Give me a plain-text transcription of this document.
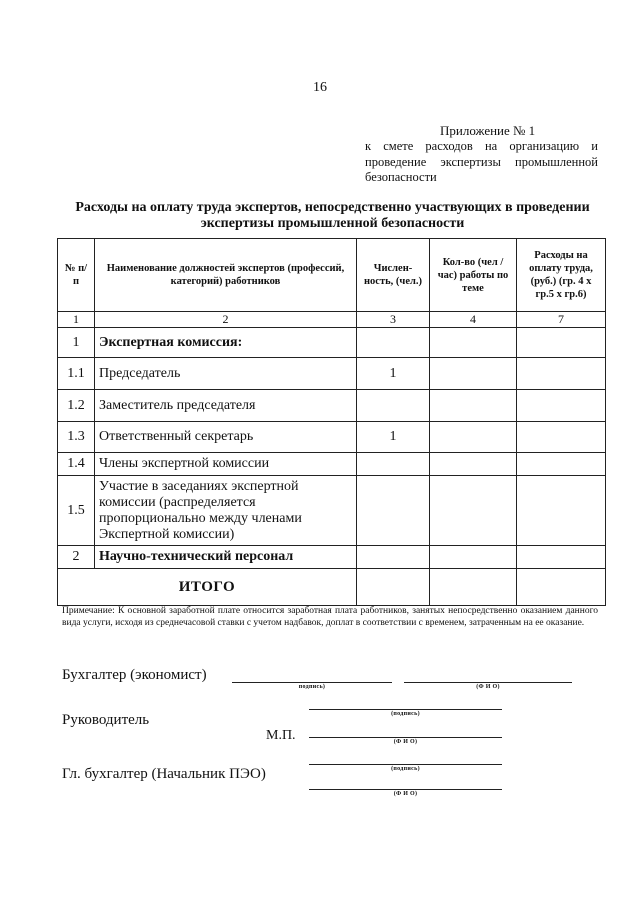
16
Приложение № 1
к смете расходов на организацию и проведение экспертизы промышленной безопасности
Расходы на оплату труда экспертов, непосредственно участвующих в проведении экспертизы промышленной безопасности
№ п/п	Наименование должностей экспертов (профессий, категорий) работников	Числен-ность, (чел.)	Кол-во (чел /час) работы по теме	Расходы на оплату труда, (руб.) (гр. 4 х гр.5 х гр.6)
1	2	3	4	7
1	Экспертная комиссия:			
1.1	Председатель	1		
1.2	Заместитель председателя			
1.3	Ответственный секретарь	1		
1.4	Члены экспертной комиссии			
1.5	Участие в заседаниях экспертной комиссии (распределяется пропорционально между членами Экспертной комиссии)			
2	Научно-технический персонал			
ИТОГО				
Примечание: К основной заработной плате относится заработная плата работников, занятых непосредственно оказанием данного вида услуги, исходя из среднечасовой ставки с учетом надбавок, доплат в соответствии с временем, затраченным на ее оказание.
Бухгалтер (экономист)
подпись)	(Ф И О)
Руководитель	(подпись)
М.П.	(Ф И О)
Гл. бухгалтер (Начальник ПЭО)	(подпись)
(Ф И О)
